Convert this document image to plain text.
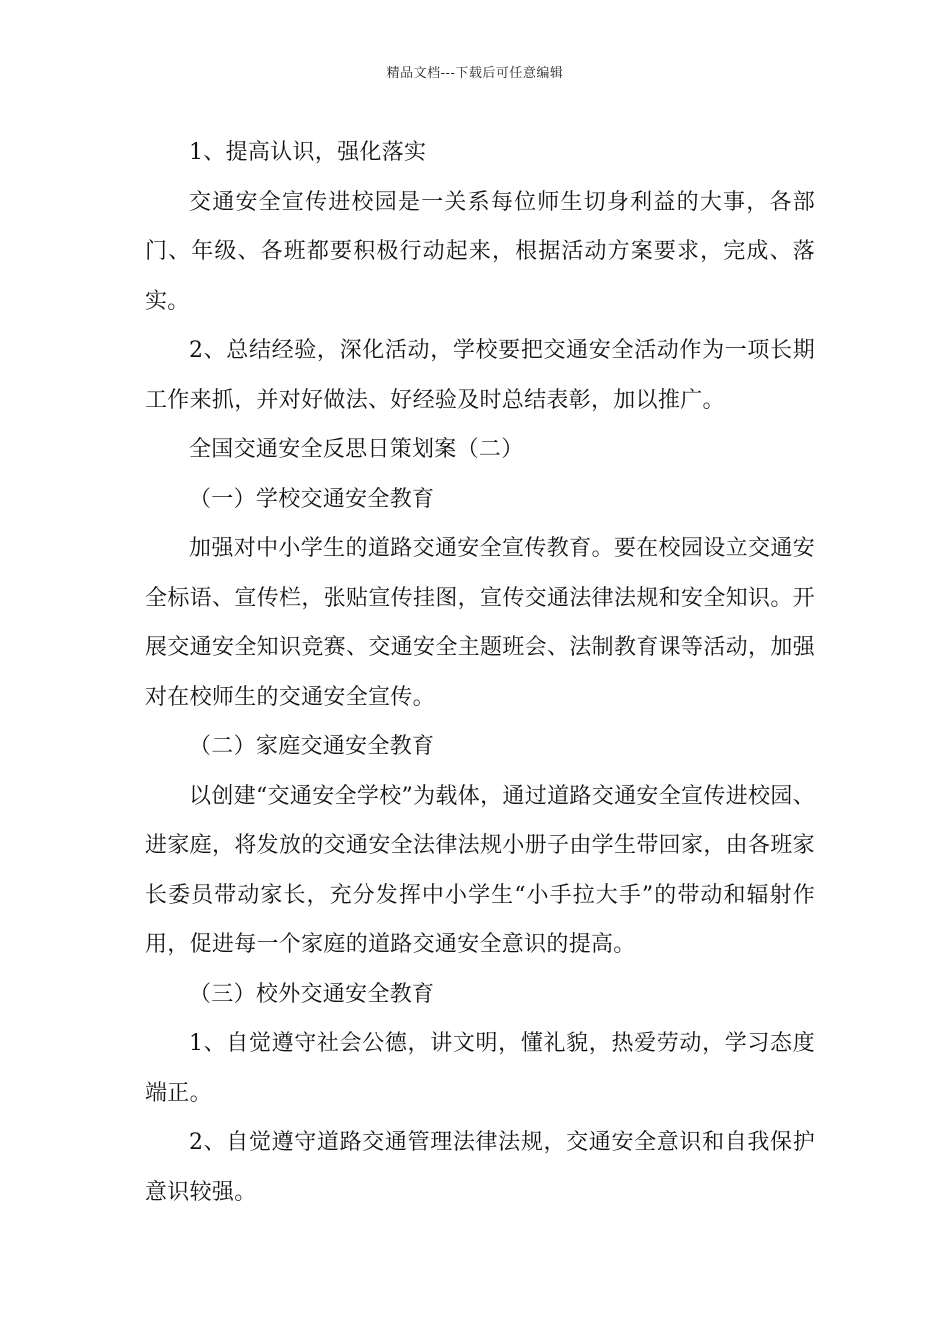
精品文档---下载后可任意编辑

1、提高认识，强化落实

交通安全宣传进校园是一关系每位师生切身利益的大事，各部门、年级、各班都要积极行动起来，根据活动方案要求，完成、落实。

2、总结经验，深化活动，学校要把交通安全活动作为一项长期工作来抓，并对好做法、好经验及时总结表彰，加以推广。

全国交通安全反思日策划案（二）

（一）学校交通安全教育

加强对中小学生的道路交通安全宣传教育。要在校园设立交通安全标语、宣传栏，张贴宣传挂图，宣传交通法律法规和安全知识。开展交通安全知识竞赛、交通安全主题班会、法制教育课等活动，加强对在校师生的交通安全宣传。

（二）家庭交通安全教育

以创建“交通安全学校”为载体，通过道路交通安全宣传进校园、进家庭，将发放的交通安全法律法规小册子由学生带回家，由各班家长委员带动家长，充分发挥中小学生“小手拉大手”的带动和辐射作用，促进每一个家庭的道路交通安全意识的提高。

（三）校外交通安全教育

1、自觉遵守社会公德，讲文明，懂礼貌，热爱劳动，学习态度端正。

2、自觉遵守道路交通管理法律法规，交通安全意识和自我保护意识较强。
